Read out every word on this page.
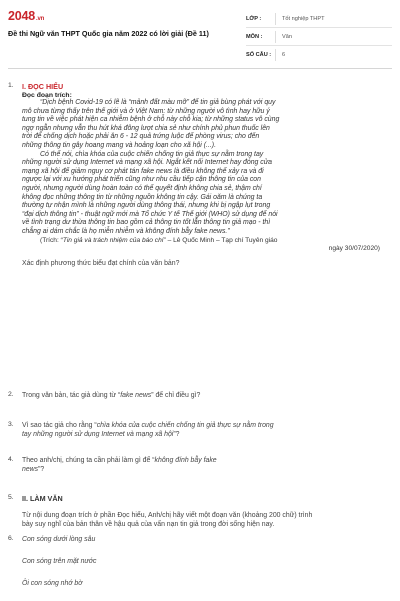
2048.vn
Đề thi Ngữ văn THPT Quốc gia năm 2022 có lời giải (Đề 11)
LỚP :	Tốt nghiệp THPT
MÔN :	Văn
SỐ CÂU :	6
1. I. ĐỌC HIỂU
Đọc đoạn trích:
“Dịch bệnh Covid-19 có lẽ là “mảnh đất màu mỡ” để tin giả bùng phát với quy
mô chưa từng thấy trên thế giới và ở Việt Nam: từ những người vô tình hay hữu ý
tung tin về việc phát hiện ca nhiễm bệnh ở chỗ này chỗ kia; từ những status vô cùng
ngợ ngẫn nhưng vẫn thu hút khá đông lượt chia sẻ như chính phủ phun thuốc lên
trời để chống dịch hoặc phải ăn 6 - 12 quả trứng luộc để phòng virus; cho đến
những thông tin gây hoang mang và hoảng loạn cho xã hội (...).
Có thể nói, chìa khóa của cuộc chiến chống tin giả thực sự nằm trong tay
những người sử dụng Internet và mạng xã hội. Ngắt kết nối Internet hay đóng cửa
mạng xã hội để giảm nguy cơ phát tán fake news là điều không thể xảy ra và đi
ngược lại với xu hướng phát triển cũng như nhu cầu tiếp cận thông tin của con
người, nhưng người dùng hoàn toàn có thể quyết định không chia sẻ, thậm chí
không đọc những thông tin từ những nguồn không tin cậy. Gái oăm là chúng ta
thường tự nhận mình là những người dùng thông thái, nhưng khi bị ngập lụt trong
“đại dịch thông tin” - thuật ngữ mới mà Tổ chức Y tế Thế giới (WHO) sử dụng để nói
về tình trạng dư thừa thông tin bao gồm cả thông tin tốt lẫn thông tin giả mạo - thì
chẳng ai dám chắc là họ miễn nhiễm và không đính bẫy fake news.”
(Trích: “Tin giả và trách nhiệm của báo chí” – Lê Quốc Minh – Tạp chí Tuyên giáo
ngày 30/07/2020)
Xác định phương thức biểu đạt chính của văn bản?
2. Trong văn bản, tác giả dùng từ “fake news” để chỉ điều gì?
3. Vì sao tác giả cho rằng “chìa khóa của cuộc chiến chống tin giả thực sự nằm trong
tay những người sử dụng Internet và mạng xã hội”?
4. Theo anh/chị, chúng ta cần phải làm gì để “không đính bẫy fake
news”?
5. II. LÀM VĂN
Từ nội dung đoạn trích ở phần Đọc hiểu, Anh/chị hãy viết một đoạn văn (khoảng 200 chữ) trình
bày suy nghĩ của bản thân về hậu quả của vấn nạn tin giả trong đời sống hiện nay.
6. Con sóng dưới lòng sâu
Con sóng trên mặt nước
Ôi con sóng nhớ bờ
